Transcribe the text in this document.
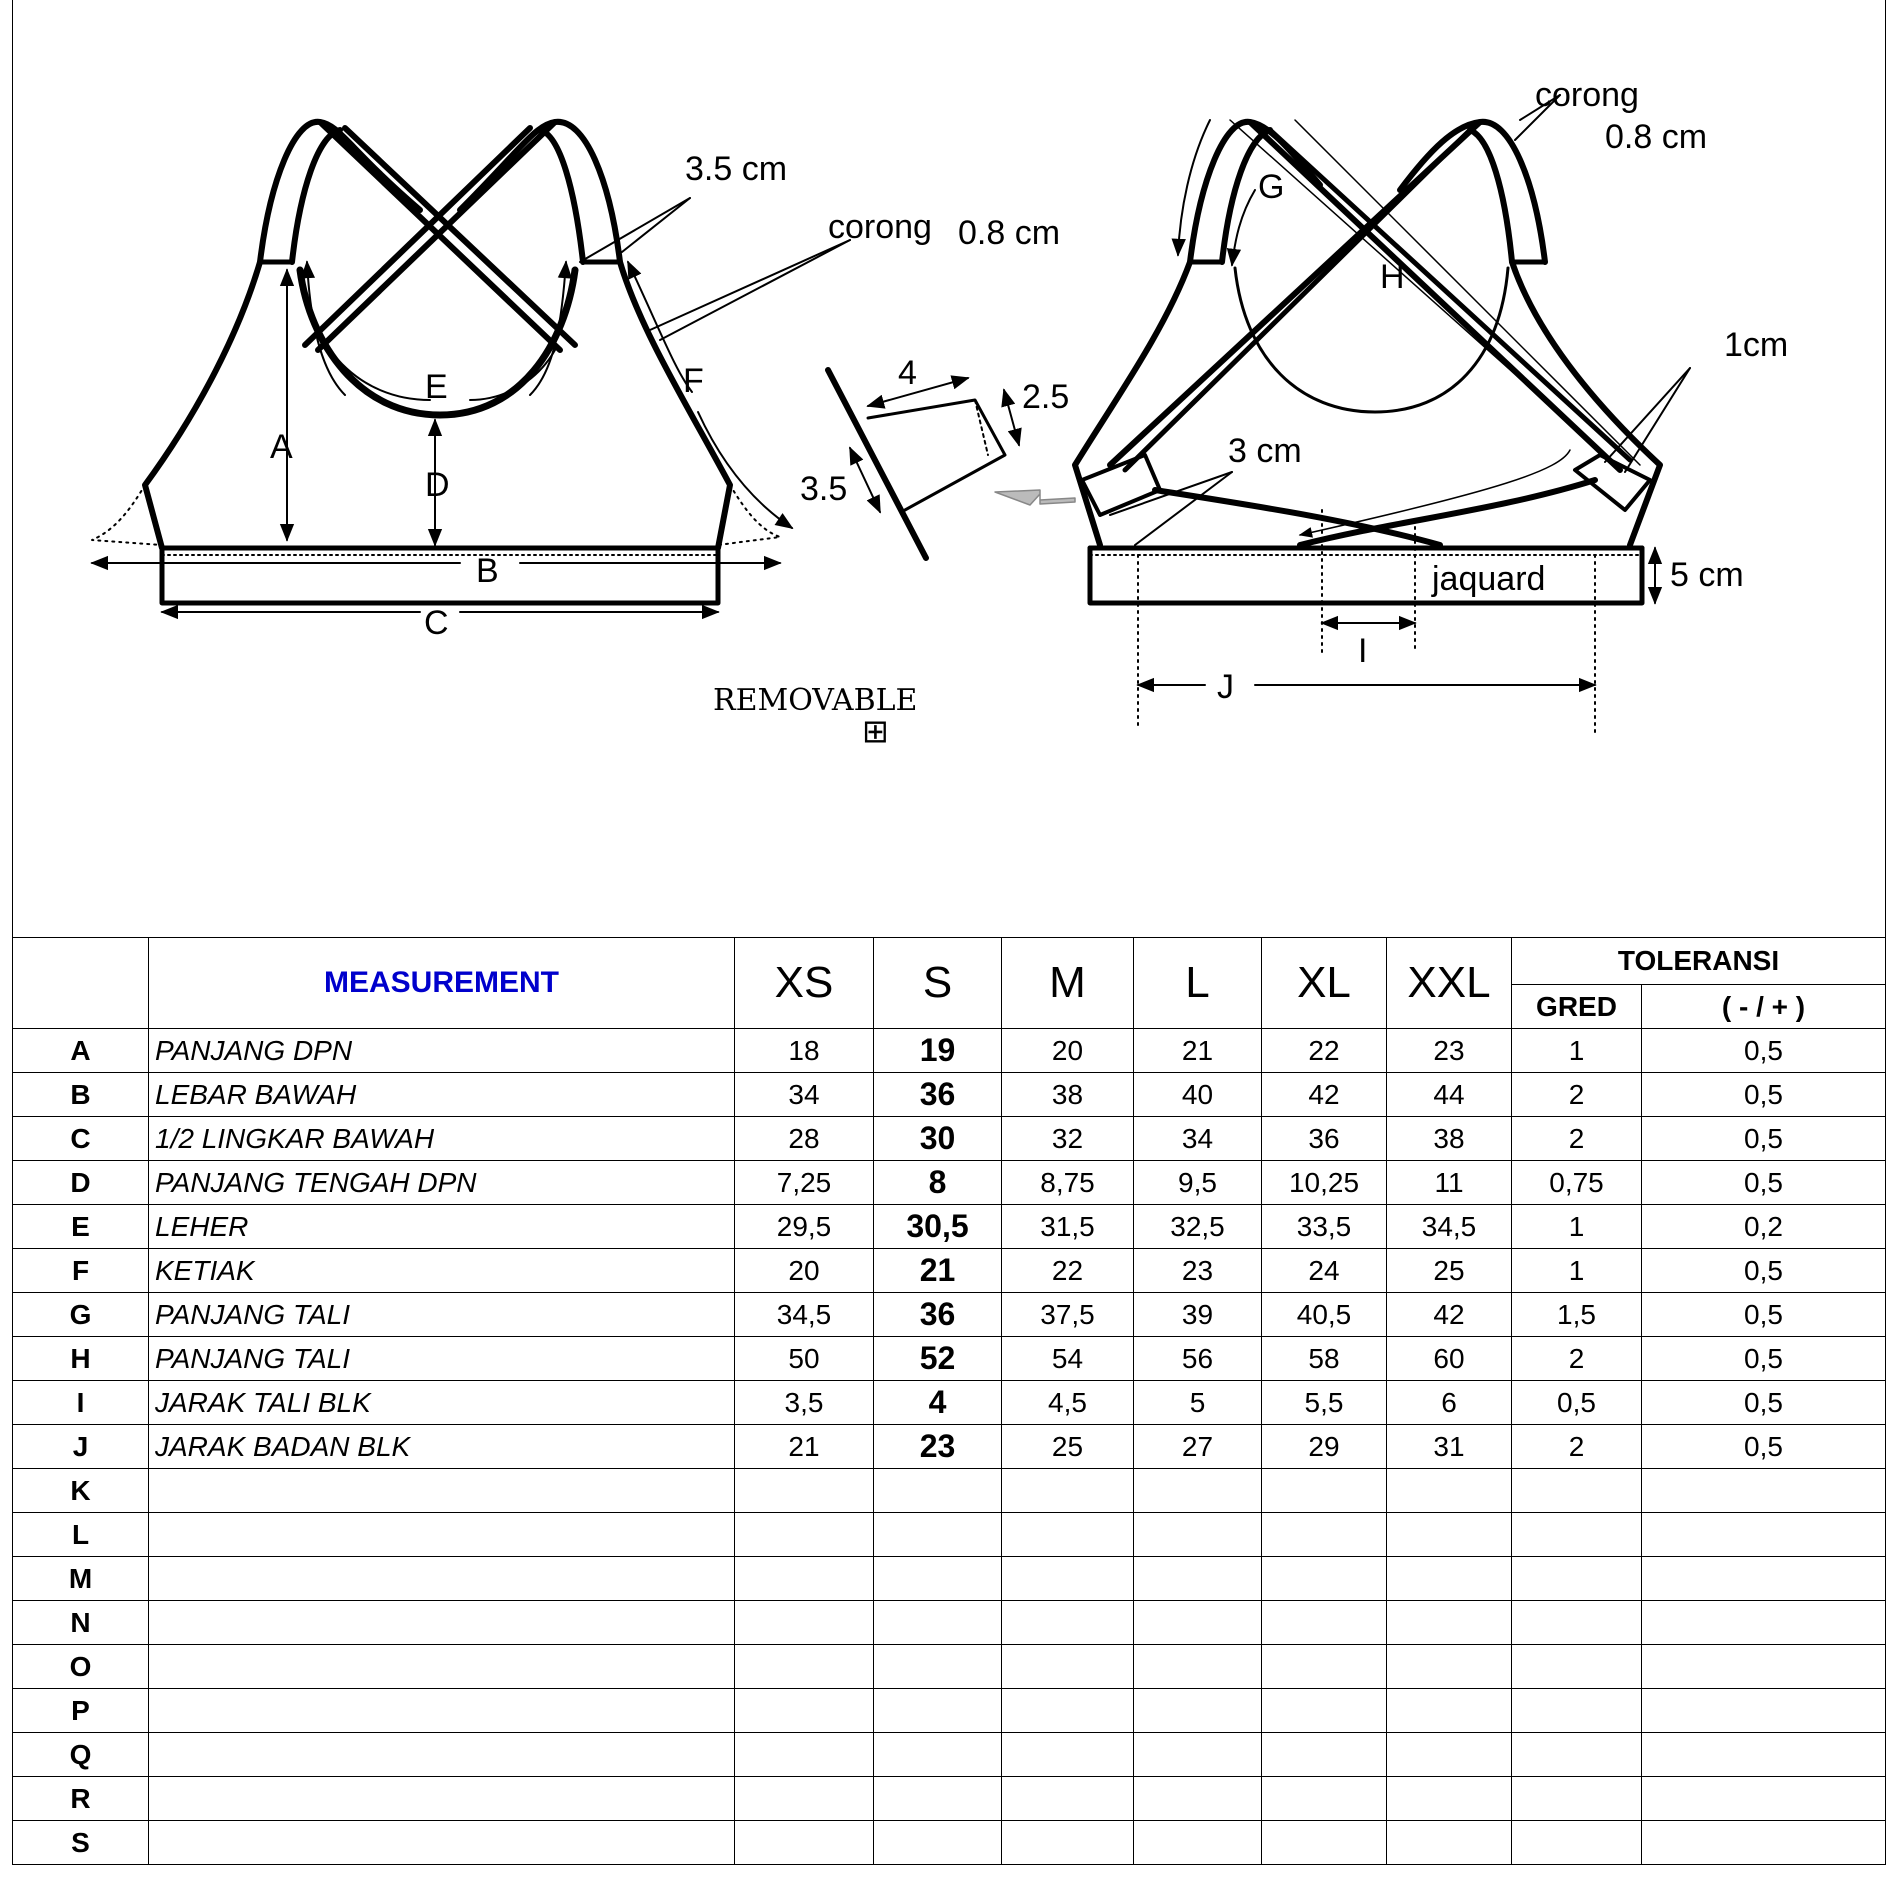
3.5 cm
corong 0.8 cm
A
E
D
F
B
C
4
2.5
3.5
REMOVABLE
⊞
corong
0.8 cm
G
H
1cm
3 cm
jaquard	5 cm
I
J
	MEASUREMENT	XS	S	M	L	XL	XXL	TOLERANSI	
								GRED	( - / + )
A	PANJANG DPN	18	19	20	21	22	23	1	0,5
B	LEBAR BAWAH	34	36	38	40	42	44	2	0,5
C	1/2 LINGKAR BAWAH	28	30	32	34	36	38	2	0,5
D	PANJANG TENGAH DPN	7,25	8	8,75	9,5	10,25	11	0,75	0,5
E	LEHER	29,5	30,5	31,5	32,5	33,5	34,5	1	0,2
F	KETIAK	20	21	22	23	24	25	1	0,5
G	PANJANG TALI	34,5	36	37,5	39	40,5	42	1,5	0,5
H	PANJANG TALI	50	52	54	56	58	60	2	0,5
I	JARAK TALI BLK	3,5	4	4,5	5	5,5	6	0,5	0,5
J	JARAK BADAN BLK	21	23	25	27	29	31	2	0,5
K									
L									
M									
N									
O									
P									
Q									
R									
S									
